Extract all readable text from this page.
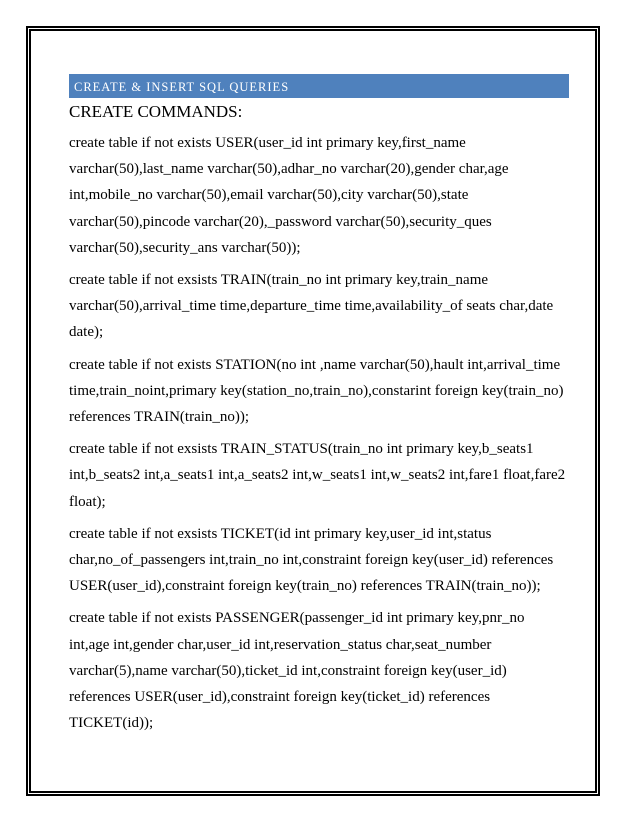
CREATE & INSERT SQL QUERIES
CREATE COMMANDS:
create table if not exists USER(user_id int primary key,first_name
varchar(50),last_name varchar(50),adhar_no varchar(20),gender char,age
int,mobile_no varchar(50),email varchar(50),city varchar(50),state
varchar(50),pincode varchar(20),_password varchar(50),security_ques
varchar(50),security_ans varchar(50));
create table if not exsists TRAIN(train_no int primary key,train_name
varchar(50),arrival_time time,departure_time time,availability_of seats char,date
date);
create table if not exists STATION(no int ,name varchar(50),hault int,arrival_time
time,train_noint,primary key(station_no,train_no),constarint foreign key(train_no)
references TRAIN(train_no));
create table if not exsists TRAIN_STATUS(train_no int primary key,b_seats1
int,b_seats2 int,a_seats1 int,a_seats2 int,w_seats1 int,w_seats2 int,fare1 float,fare2
float);
create table if not exsists TICKET(id int primary key,user_id int,status
char,no_of_passengers int,train_no int,constraint foreign key(user_id) references
USER(user_id),constraint foreign key(train_no) references TRAIN(train_no));
create table if not exists PASSENGER(passenger_id int primary key,pnr_no
int,age int,gender char,user_id int,reservation_status char,seat_number
varchar(5),name varchar(50),ticket_id int,constraint foreign key(user_id)
references USER(user_id),constraint foreign key(ticket_id) references
TICKET(id));
